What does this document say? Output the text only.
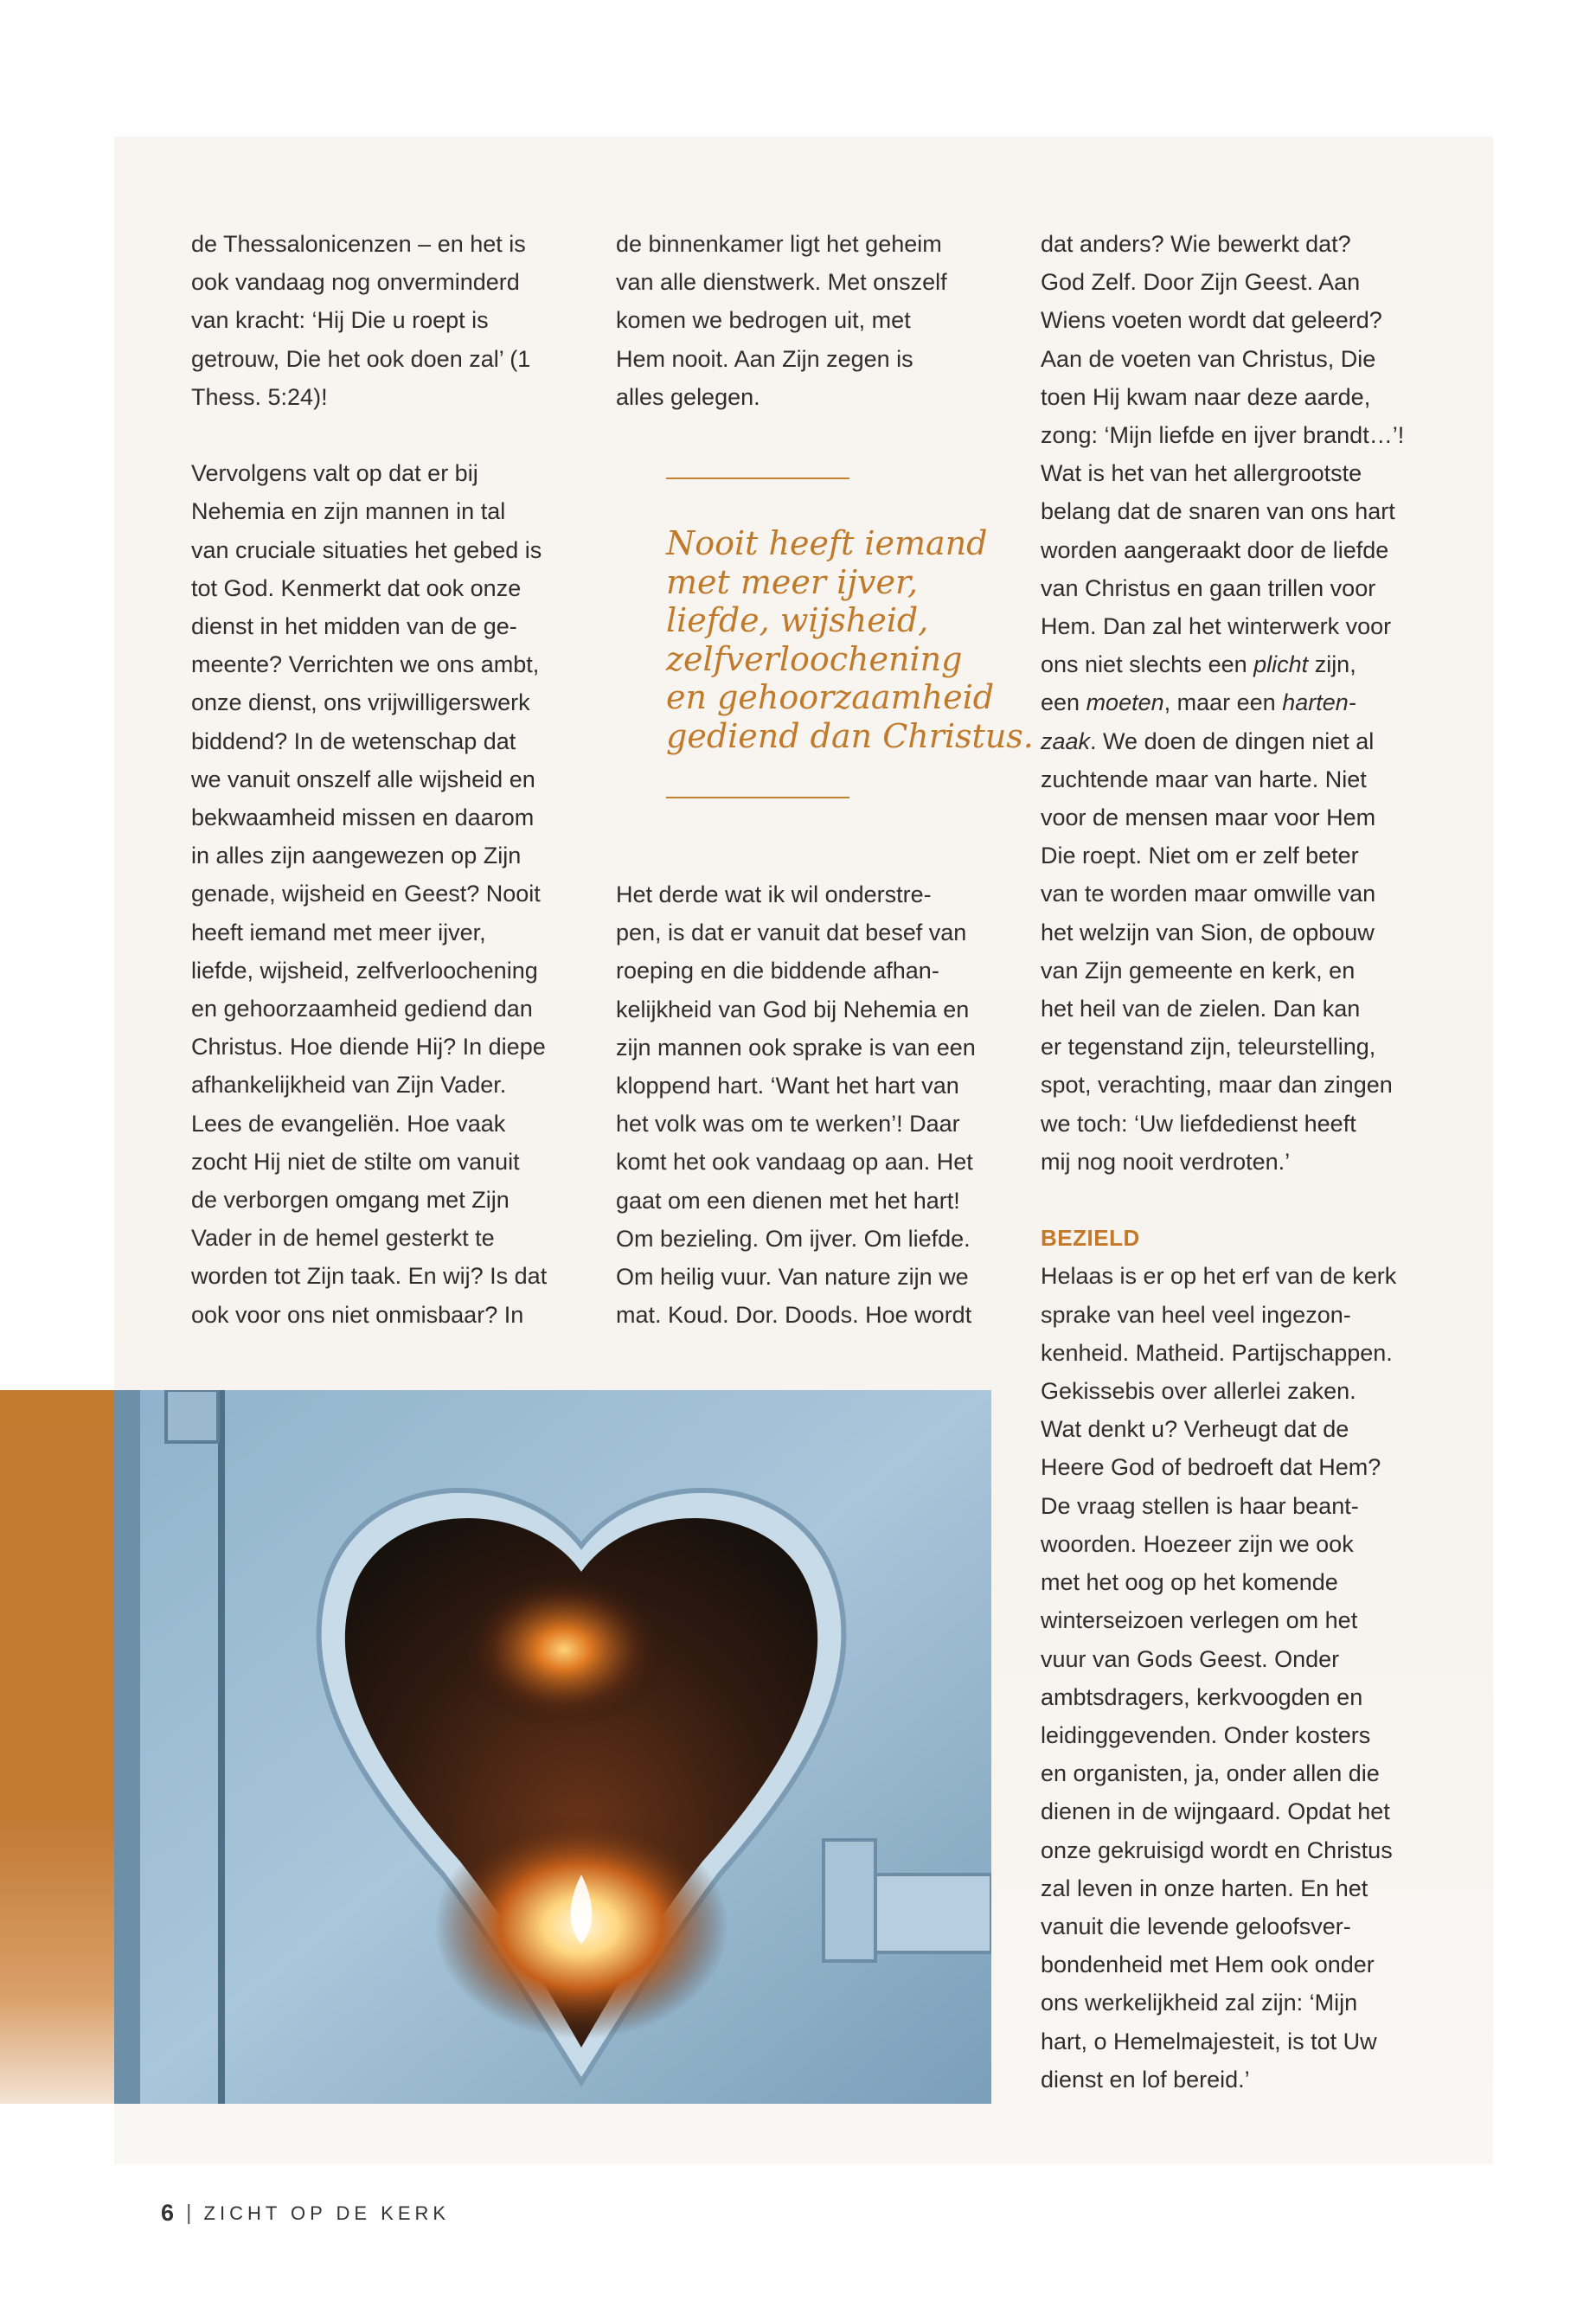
de Thessalonicenzen – en het is

ook vandaag nog onverminderd

van kracht: ‘Hij Die u roept is

getrouw, Die het ook doen zal’ (1

Thess. 5:24)!

Vervolgens valt op dat er bij

Nehemia en zijn mannen in tal

van cruciale situaties het gebed is

tot God. Kenmerkt dat ook onze

dienst in het midden van de ge-

meente? Verrichten we ons ambt,

onze dienst, ons vrijwilligerswerk

biddend? In de wetenschap dat

we vanuit onszelf alle wijsheid en

bekwaamheid missen en daarom

in alles zijn aangewezen op Zijn

genade, wijsheid en Geest? Nooit

heeft iemand met meer ijver,

liefde, wijsheid, zelfverloochening

en gehoorzaamheid gediend dan

Christus. Hoe diende Hij? In diepe

afhankelijkheid van Zijn Vader.

Lees de evangeliën. Hoe vaak

zocht Hij niet de stilte om vanuit

de verborgen omgang met Zijn

Vader in de hemel gesterkt te

worden tot Zijn taak. En wij? Is dat

ook voor ons niet onmisbaar? In

de binnenkamer ligt het geheim

van alle dienstwerk. Met onszelf

komen we bedrogen uit, met

Hem nooit. Aan Zijn zegen is

alles gelegen.

Nooit heeft iemand

met meer ijver,

liefde, wijsheid,

zelfverloochening

en gehoorzaamheid

gediend dan Christus.

Het derde wat ik wil onderstre-

pen, is dat er vanuit dat besef van

roeping en die biddende afhan-

kelijkheid van God bij Nehemia en

zijn mannen ook sprake is van een

kloppend hart. ‘Want het hart van

het volk was om te werken’! Daar

komt het ook vandaag op aan. Het

gaat om een dienen met het hart!

Om bezieling. Om ijver. Om liefde.

Om heilig vuur. Van nature zijn we

mat. Koud. Dor. Doods. Hoe wordt

dat anders? Wie bewerkt dat?

God Zelf. Door Zijn Geest. Aan

Wiens voeten wordt dat geleerd?

Aan de voeten van Christus, Die

toen Hij kwam naar deze aarde,

zong: ‘Mijn liefde en ijver brandt…’!

Wat is het van het allergrootste

belang dat de snaren van ons hart

worden aangeraakt door de liefde

van Christus en gaan trillen voor

Hem. Dan zal het winterwerk voor

ons niet slechts een plicht zijn,

een moeten, maar een harten-

zaak. We doen de dingen niet al

zuchtende maar van harte. Niet

voor de mensen maar voor Hem

Die roept. Niet om er zelf beter

van te worden maar omwille van

het welzijn van Sion, de opbouw

van Zijn gemeente en kerk, en

het heil van de zielen. Dan kan

er tegenstand zijn, teleurstelling,

spot, verachting, maar dan zingen

we toch: ‘Uw liefdedienst heeft

mij nog nooit verdroten.’

BEZIELD

Helaas is er op het erf van de kerk

sprake van heel veel ingezon-

kenheid. Matheid. Partijschappen.

Gekissebis over allerlei zaken.

Wat denkt u? Verheugt dat de

Heere God of bedroeft dat Hem?

De vraag stellen is haar beant-

woorden. Hoezeer zijn we ook

met het oog op het komende

winterseizoen verlegen om het

vuur van Gods Geest. Onder

ambtsdragers, kerkvoogden en

leidinggevenden. Onder kosters

en organisten, ja, onder allen die

dienen in de wijngaard. Opdat het

onze gekruisigd wordt en Christus

zal leven in onze harten. En het

vanuit die levende geloofsver-

bondenheid met Hem ook onder

ons werkelijkheid zal zijn: ‘Mijn

hart, o Hemelmajesteit, is tot Uw

dienst en lof bereid.’

6 | ZICHT OP DE KERK
